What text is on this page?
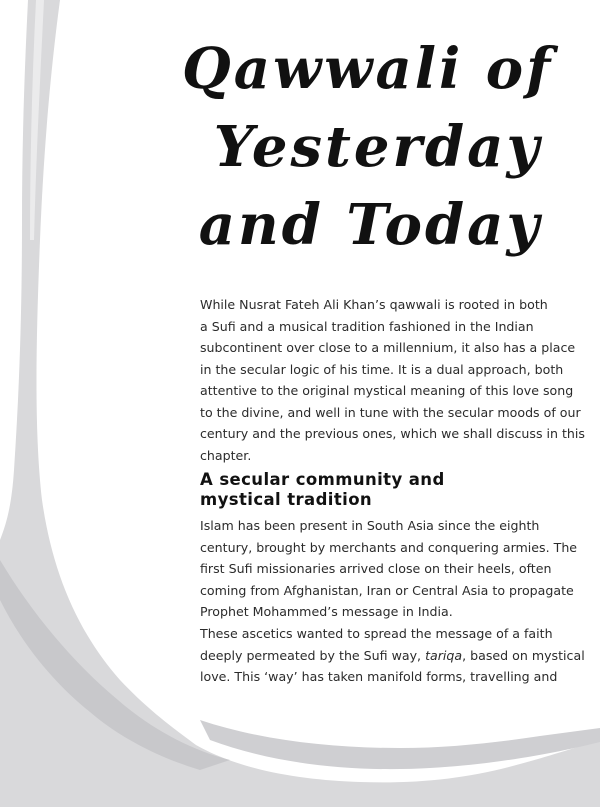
Qawwali of
Yesterday
and Today

While Nusrat Fateh Ali Khan’s qawwali is rooted in both
a Sufi and a musical tradition fashioned in the Indian
subcontinent over close to a millennium, it also has a place
in the secular logic of his time. It is a dual approach, both
attentive to the original mystical meaning of this love song
to the divine, and well in tune with the secular moods of our
century and the previous ones, which we shall discuss in this
chapter.

A secular community and
mystical tradition

Islam has been present in South Asia since the eighth
century, brought by merchants and conquering armies. The
first Sufi missionaries arrived close on their heels, often
coming from Afghanistan, Iran or Central Asia to propagate
Prophet Mohammed’s message in India.

These ascetics wanted to spread the message of a faith
deeply permeated by the Sufi way, tariqa, based on mystical
love. This ‘way’ has taken manifold forms, travelling and
